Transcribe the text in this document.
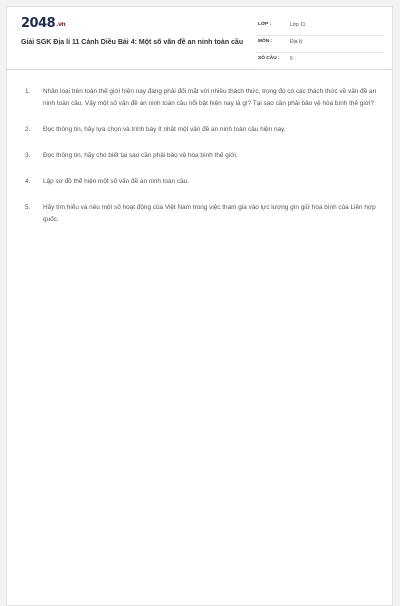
2048.vn
Giải SGK Địa lí 11 Cánh Diều Bài 4: Một số vấn đề an ninh toàn cầu
LỚP :	Lớp 11
MÔN :	Địa lý
SỐ CÂU : 5
1. Nhân loại trên toàn thế giới hiện nay đang phải đối mặt với nhiều thách thức, trong đó có các thách thức về vấn đề an ninh toàn cầu. Vậy một số vấn đề an ninh toàn cầu nổi bật hiện nay là gì? Tại sao cần phải bảo vệ hòa bình thế giới?
2. Đọc thông tin, hãy lựa chọn và trình bày ít nhất một vấn đề an ninh toàn cầu hiện nay.
3. Đọc thông tin, hãy cho biết tại sao cần phải bảo vệ hòa bình thế giới.
4. Lập sơ đồ thể hiện một số vấn đề an ninh toàn cầu.
5. Hãy tìm hiểu và nêu một số hoạt động của Việt Nam trong việc tham gia vào lực lượng gìn giữ hòa bình của Liên hợp quốc.
